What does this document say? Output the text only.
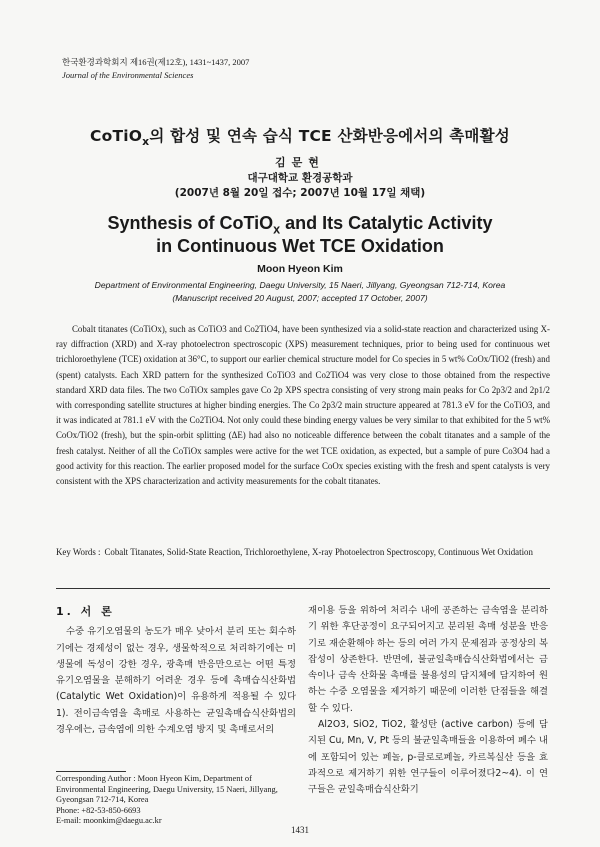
한국환경과학회지 제16권(제12호), 1431~1437, 2007
Journal of the Environmental Sciences
CoTiO$_x$의 합성 및 연속 습식 TCE 산화반응에서의 촉매활성
김문현
대구대학교 환경공학과
(2007년 8월 20일 접수; 2007년 10월 17일 채택)
Synthesis of CoTiO$_x$ and Its Catalytic Activity
in Continuous Wet TCE Oxidation
Moon Hyeon Kim
Department of Environmental Engineering, Daegu University, 15 Naeri, Jillyang, Gyeongsan 712-714, Korea
(Manuscript received 20 August, 2007; accepted 17 October, 2007)

Cobalt titanates (CoTiOx), such as CoTiO3 and Co2TiO4, have been synthesized via a solid-state reaction and characterized using X-ray diffraction (XRD) and X-ray photoelectron spectroscopic (XPS) measurement techniques, prior to being used for continuous wet trichloroethylene (TCE) oxidation at 36°C, to support our earlier chemical structure model for Co species in 5 wt% CoOx/TiO2 (fresh) and (spent) catalysts. Each XRD pattern for the synthesized CoTiO3 and Co2TiO4 was very close to those obtained from the respective standard XRD data files. The two CoTiOx samples gave Co 2p XPS spectra consisting of very strong main peaks for Co 2p3/2 and 2p1/2 with corresponding satellite structures at higher binding energies. The Co 2p3/2 main structure appeared at 781.3 eV for the CoTiO3, and it was indicated at 781.1 eV with the Co2TiO4. Not only could these binding energy values be very similar to that exhibited for the 5 wt% CoOx/TiO2 (fresh), but the spin-orbit splitting (ΔE) had also no noticeable difference between the cobalt titanates and a sample of the fresh catalyst. Neither of all the CoTiOx samples were active for the wet TCE oxidation, as expected, but a sample of pure Co3O4 had a good activity for this reaction. The earlier proposed model for the surface CoOx species existing with the fresh and spent catalysts is very consistent with the XPS characterization and activity measurements for the cobalt titanates.

Key Words : Cobalt Titanates, Solid-State Reaction, Trichloroethylene, X-ray Photoelectron Spectroscopy, Continuous Wet Oxidation
1. 서 론

수중 유기오염물의 농도가 매우 낮아서 분리 또는 회수하기에는 경제성이 없는 경우, 생물학적으로 처리하기에는 미생물에 독성이 강한 경우, 광촉매 반응만으로는 어떤 특정 유기오염물을 분해하기 어려운 경우 등에 촉매습식산화법 (Catalytic Wet Oxidation)이 유용하게 적용될 수 있다1). 전이금속염을 촉매로 사용하는 균일촉매습식산화법의 경우에는, 금속염에 의한 수계오염 방지 및 촉매로서의

재이용 등을 위하여 처리수 내에 공존하는 금속염을 분리하기 위한 후단공정이 요구되어지고 분리된 촉매 성분을 반응기로 재순환해야 하는 등의 여러 가지 문제점과 공정상의 복잡성이 상존한다. 반면에, 불균일촉매습식산화법에서는 금속이나 금속 산화물 촉매를 불용성의 담지체에 담지하여 원하는 수중 오염물을 제거하기 때문에 이러한 단점들을 해결할 수 있다.

Al2O3, SiO2, TiO2, 활성탄 (active carbon) 등에 담지된 Cu, Mn, V, Pt 등의 불균일촉매들을 이용하여 폐수 내에 포함되어 있는 페놀, p-클로로페놀, 카르복실산 등을 효과적으로 제거하기 위한 연구들이 이루어졌다2~4). 이 연구들은 균일촉매습식산화기

Corresponding Author : Moon Hyeon Kim, Department of Environmental Engineering, Daegu University, 15 Naeri, Jillyang, Gyeongsan 712-714, Korea
Phone: +82-53-850-6693
E-mail: moonkim@daegu.ac.kr
1431
